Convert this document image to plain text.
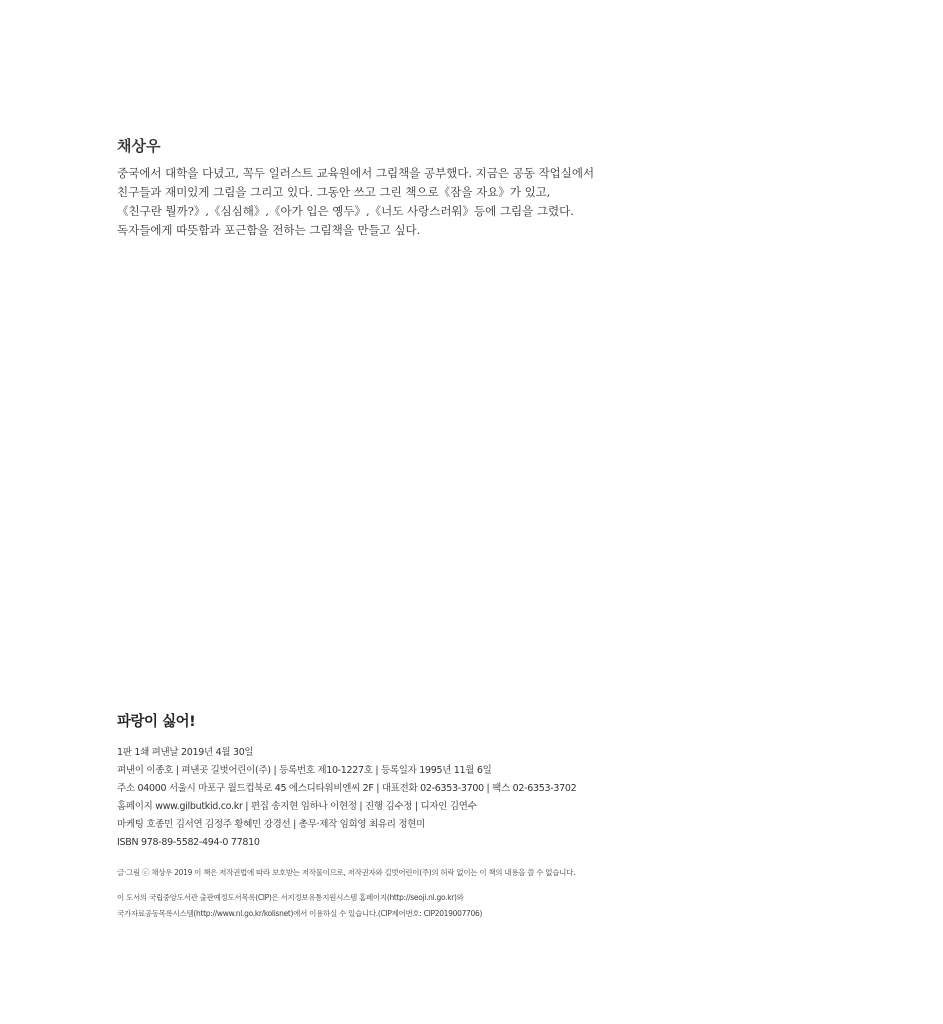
채상우
중국에서 대학을 다녔고, 꼭두 일러스트 교육원에서 그림책을 공부했다. 지금은 공동 작업실에서
친구들과 재미있게 그림을 그리고 있다. 그동안 쓰고 그린 책으로《잠을 자요》가 있고,
《친구란 뭘까?》,《심심해》,《아가 입은 옝두》,《너도 사랑스러워》등에 그림을 그렸다.
독자들에게 따뜻함과 포근함을 전하는 그림책을 만들고 싶다.
파랑이 싫어!
1판 1쇄 펴낸날 2019년 4월 30일
펴낸이 이종호 | 펴낸곳 길벗어린이(주) | 등록번호 제10-1227호 | 등록일자 1995년 11월 6일
주소 04000 서울시 마포구 월드컵북로 45 에스디타워비엔씨 2F | 대표전화 02-6353-3700 | 팩스 02-6353-3702
홈페이지 www.gilbutkid.co.kr | 편집 송지현 임하나 이현정 | 진행 김수정 | 디자인 김연수
마케팅 호종민 김서연 김정주 황혜민 강경선 | 총무·제작 임희영 최유리 정현미
ISBN 978-89-5582-494-0 77810
글·그림 ⓒ 채상우 2019 이 책은 저작권법에 따라 보호받는 저작물이므로, 저작권자와 길벗어린이(주)의 허락 없이는 이 책의 내용을 쓸 수 없습니다.
이 도서의 국립중앙도서관 출판예정도서목록(CIP)은 서지정보유통지원시스템 홈페이지(http://seoji.nl.go.kr)와
국가자료공동목록시스템(http://www.nl.go.kr/kolisnet)에서 이용하실 수 있습니다.(CIP제어번호: CIP2019007706)
